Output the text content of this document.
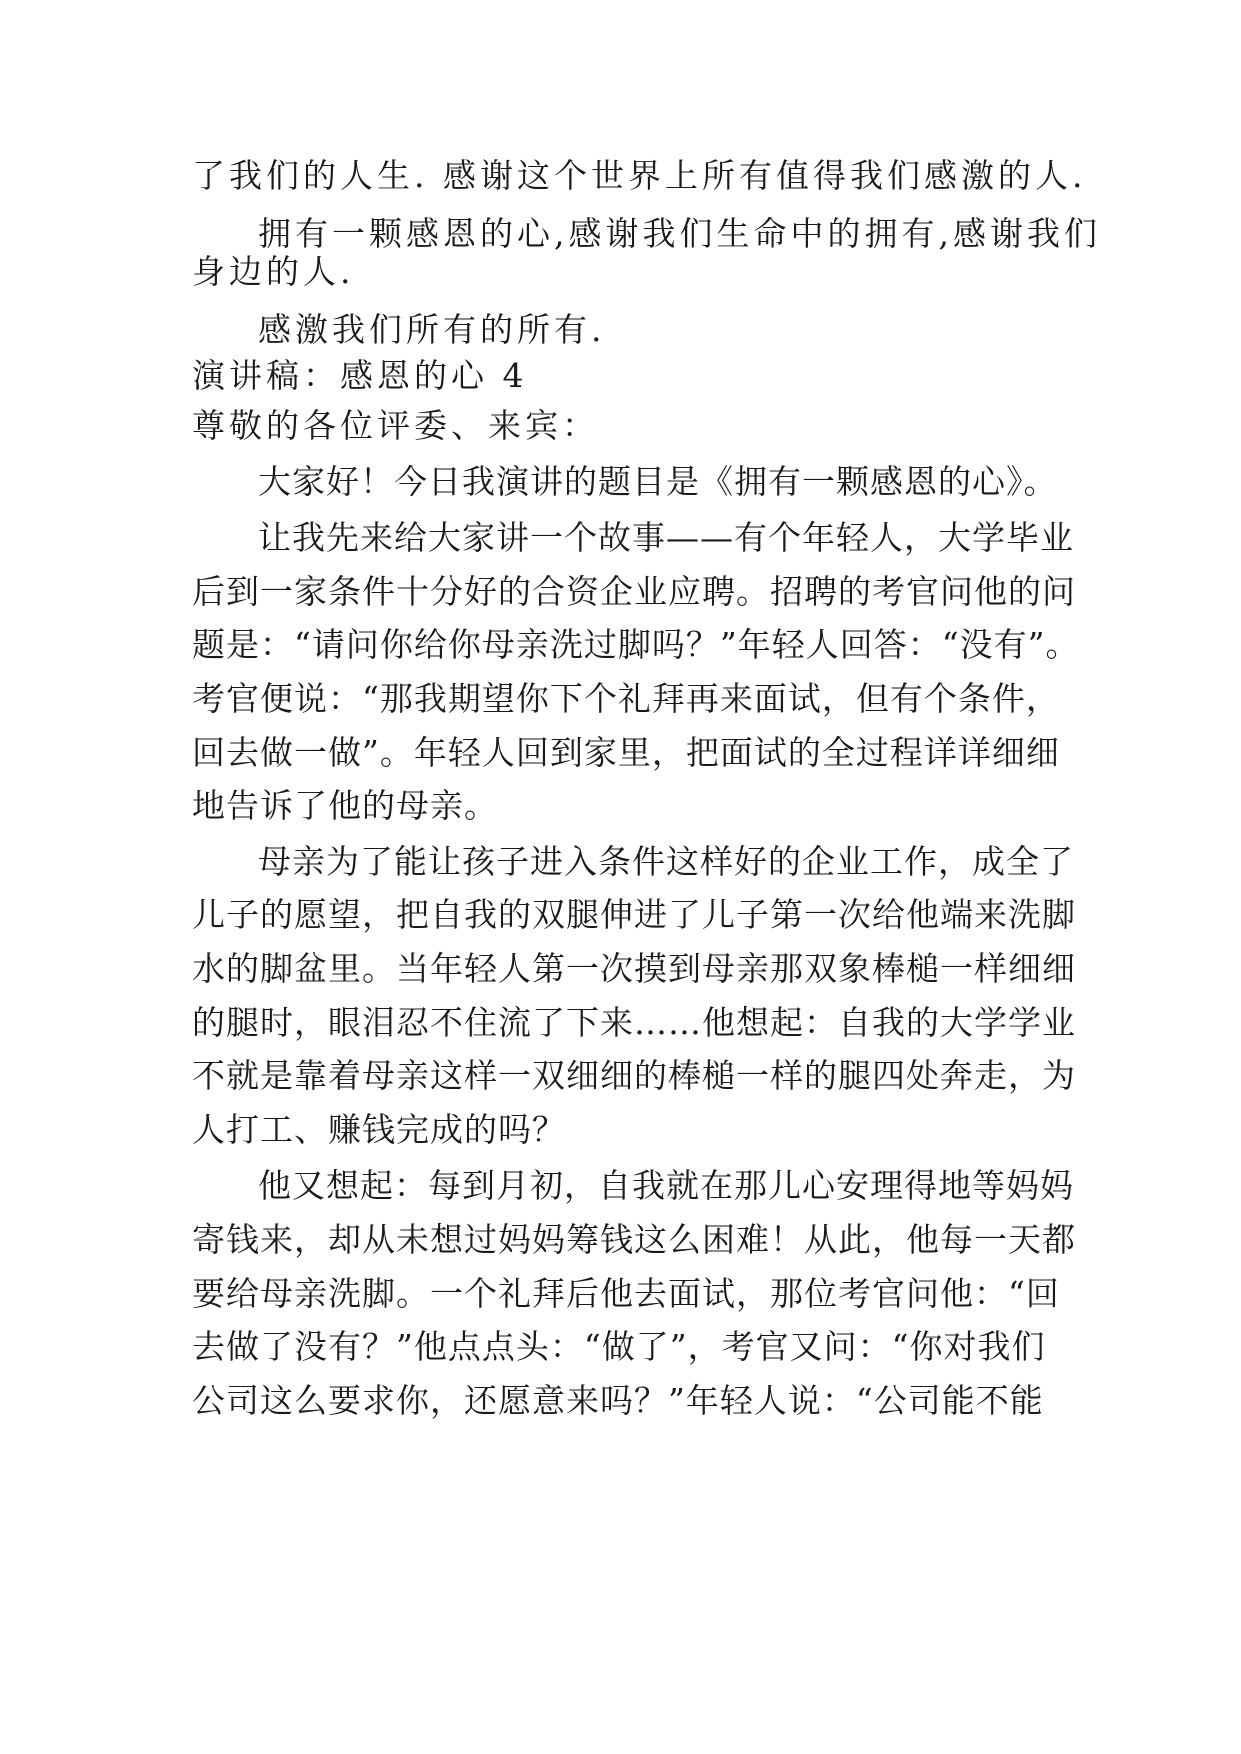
了我们的人生. 感谢这个世界上所有值得我们感激的人.
拥有一颗感恩的心,感谢我们生命中的拥有,感谢我们
身边的人.
感激我们所有的所有.
演讲稿：感恩的心 4
尊敬的各位评委、来宾：
大家好！今日我演讲的题目是《拥有一颗感恩的心》。
让我先来给大家讲一个故事——有个年轻人，大学毕业
后到一家条件十分好的合资企业应聘。招聘的考官问他的问
题是：“请问你给你母亲洗过脚吗？”年轻人回答：“没有”。
考官便说：“那我期望你下个礼拜再来面试，但有个条件，
回去做一做”。年轻人回到家里，把面试的全过程详详细细
地告诉了他的母亲。
母亲为了能让孩子进入条件这样好的企业工作，成全了
儿子的愿望，把自我的双腿伸进了儿子第一次给他端来洗脚
水的脚盆里。当年轻人第一次摸到母亲那双象棒槌一样细细
的腿时，眼泪忍不住流了下来……他想起：自我的大学学业
不就是靠着母亲这样一双细细的棒槌一样的腿四处奔走，为
人打工、赚钱完成的吗？
他又想起：每到月初，自我就在那儿心安理得地等妈妈
寄钱来，却从未想过妈妈筹钱这么困难！从此，他每一天都
要给母亲洗脚。一个礼拜后他去面试，那位考官问他：“回
去做了没有？”他点点头：“做了”，考官又问：“你对我们
公司这么要求你，还愿意来吗？”年轻人说：“公司能不能
